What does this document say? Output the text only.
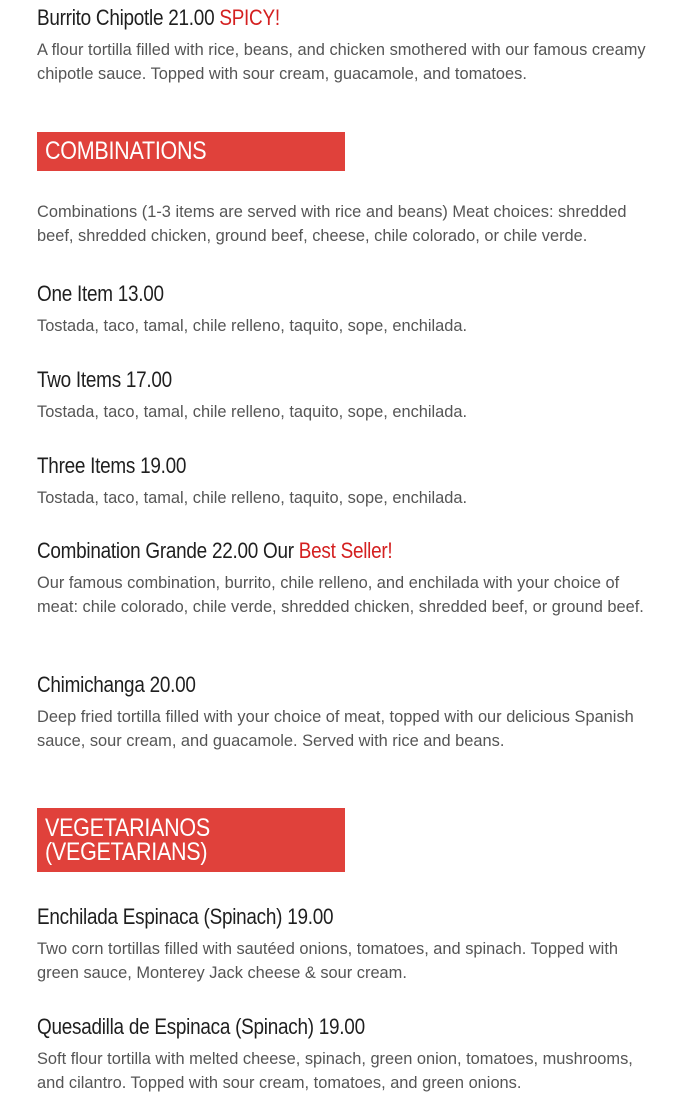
Burrito Chipotle 21.00 SPICY!

A flour tortilla filled with rice, beans, and chicken smothered with our famous creamy chipotle sauce. Topped with sour cream, guacamole, and tomatoes.

COMBINATIONS

Combinations (1-3 items are served with rice and beans) Meat choices: shredded beef, shredded chicken, ground beef, cheese, chile colorado, or chile verde.

One Item 13.00

Tostada, taco, tamal, chile relleno, taquito, sope, enchilada.

Two Items 17.00

Tostada, taco, tamal, chile relleno, taquito, sope, enchilada.

Three Items 19.00

Tostada, taco, tamal, chile relleno, taquito, sope, enchilada.

Combination Grande 22.00 Our Best Seller!

Our famous combination, burrito, chile relleno, and enchilada with your choice of meat: chile colorado, chile verde, shredded chicken, shredded beef, or ground beef.

Chimichanga 20.00

Deep fried tortilla filled with your choice of meat, topped with our delicious Spanish sauce, sour cream, and guacamole. Served with rice and beans.

VEGETARIANOS
(VEGETARIANS)
Enchilada Espinaca (Spinach) 19.00

Two corn tortillas filled with sautéed onions, tomatoes, and spinach. Topped with green sauce, Monterey Jack cheese & sour cream.

Quesadilla de Espinaca (Spinach) 19.00

Soft flour tortilla with melted cheese, spinach, green onion, tomatoes, mushrooms, and cilantro. Topped with sour cream, tomatoes, and green onions.
